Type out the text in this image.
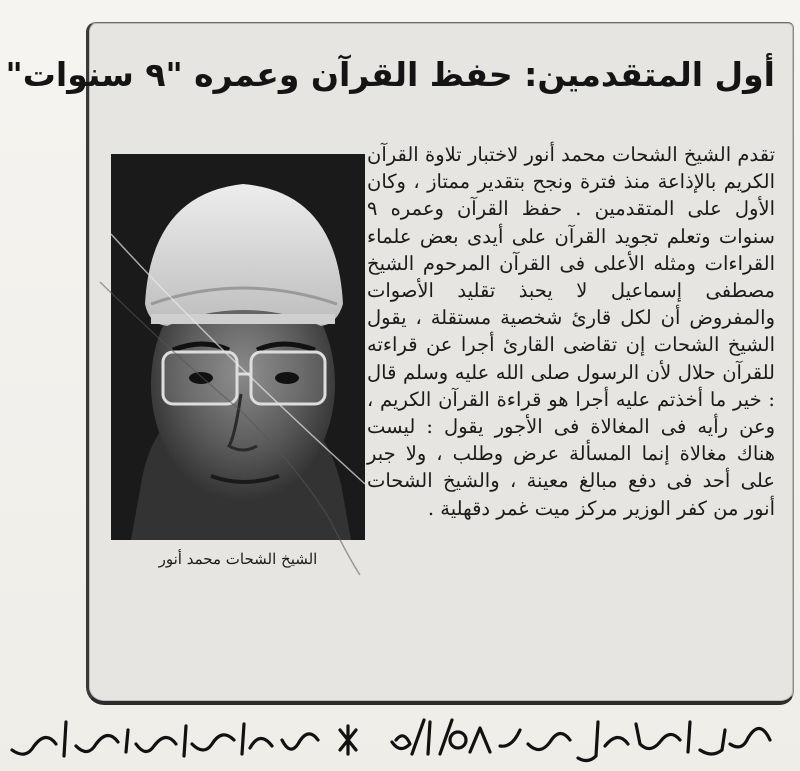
أول المتقدمين: حفظ القرآن وعمره "٩ سنوات"
الشيخ الشحات محمد أنور
تقدم الشيخ الشحات محمد أنور لاختبار تلاوة القرآن الكريم بالإذاعة منذ فترة ونجح بتقدير ممتاز ، وكان الأول على المتقدمين . حفظ القرآن وعمره ٩ سنوات وتعلم تجويد القرآن على أيدى بعض علماء القراءات ومثله الأعلى فى القرآن المرحوم الشيخ مصطفى إسماعيل لا يحبذ تقليد الأصوات والمفروض أن لكل قارئ شخصية مستقلة ، يقول الشيخ الشحات إن تقاضى القارئ أجرا عن قراءته للقرآن حلال لأن الرسول صلى الله عليه وسلم قال : خير ما أخذتم عليه أجرا هو قراءة القرآن الكريم ، وعن رأيه فى المغالاة فى الأجور يقول : ليست هناك مغالاة إنما المسألة عرض وطلب ، ولا جبر على أحد فى دفع مبالغ معينة ، والشيخ الشحات أنور من كفر الوزير مركز ميت غمر دقهلية .
